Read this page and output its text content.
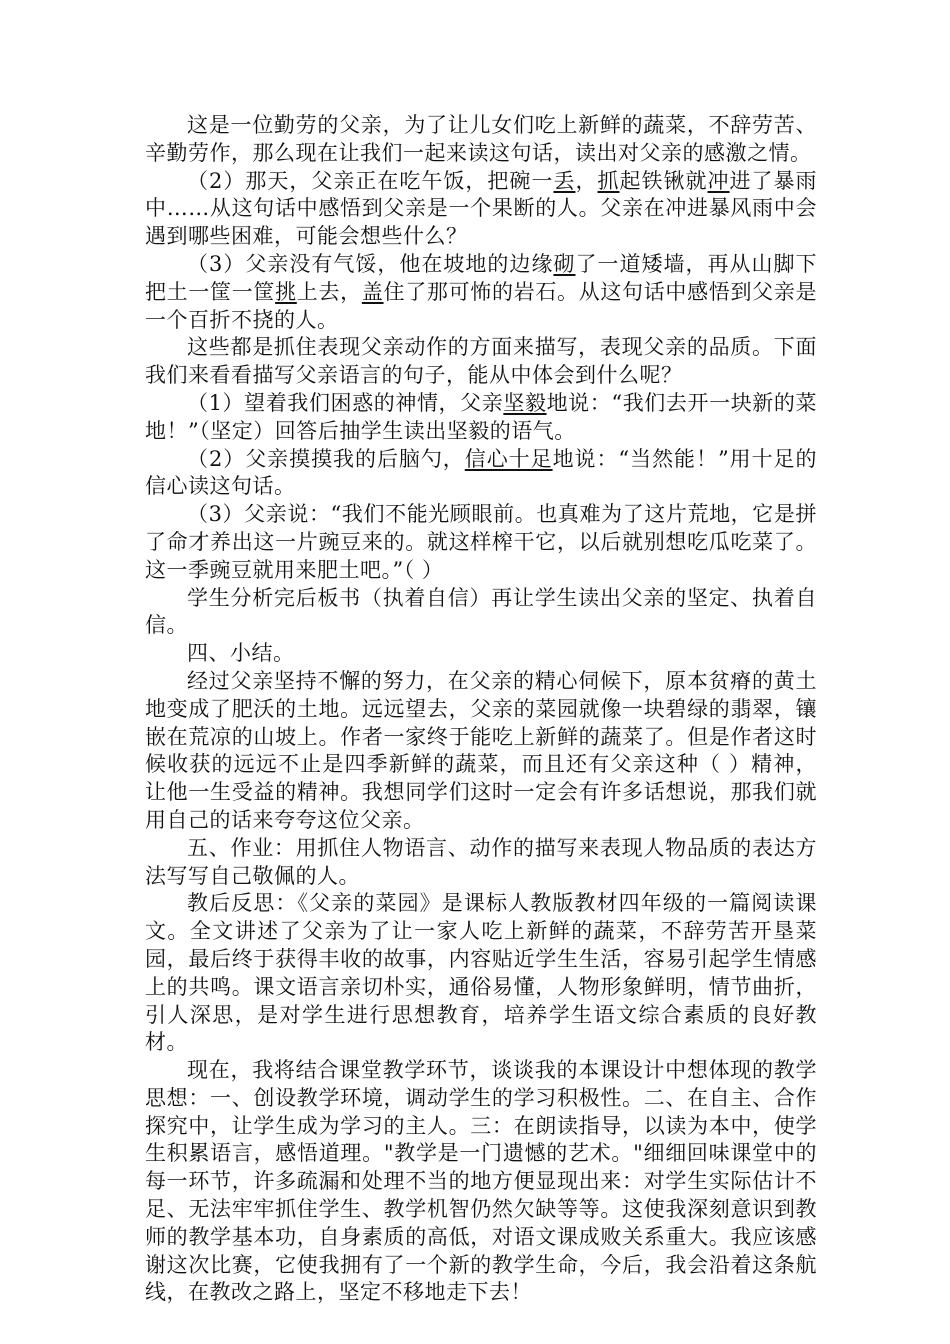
这是一位勤劳的父亲，为了让儿女们吃上新鲜的蔬菜，不辞劳苦、辛勤劳作，那么现在让我们一起来读这句话，读出对父亲的感激之情。

（2）那天，父亲正在吃午饭，把碗一丢，抓起铁锹就冲进了暴雨中……从这句话中感悟到父亲是一个果断的人。父亲在冲进暴风雨中会遇到哪些困难，可能会想些什么？

（3）父亲没有气馁，他在坡地的边缘砌了一道矮墙，再从山脚下把土一筐一筐挑上去，盖住了那可怖的岩石。从这句话中感悟到父亲是一个百折不挠的人。

这些都是抓住表现父亲动作的方面来描写，表现父亲的品质。下面我们来看看描写父亲语言的句子，能从中体会到什么呢？

（1）望着我们困惑的神情，父亲坚毅地说：“我们去开一块新的菜地！”（坚定）回答后抽学生读出坚毅的语气。

（2）父亲摸摸我的后脑勺，信心十足地说：“当然能！”用十足的信心读这句话。

（3）父亲说：“我们不能光顾眼前。也真难为了这片荒地，它是拼了命才养出这一片豌豆来的。就这样榨干它，以后就别想吃瓜吃菜了。这一季豌豆就用来肥土吧。”（ ）

学生分析完后板书（执着自信）再让学生读出父亲的坚定、执着自信。

四、小结。

经过父亲坚持不懈的努力，在父亲的精心伺候下，原本贫瘠的黄土地变成了肥沃的土地。远远望去，父亲的菜园就像一块碧绿的翡翠，镶嵌在荒凉的山坡上。作者一家终于能吃上新鲜的蔬菜了。但是作者这时候收获的远远不止是四季新鲜的蔬菜，而且还有父亲这种（ ）精神，让他一生受益的精神。我想同学们这时一定会有许多话想说，那我们就用自己的话来夸夸这位父亲。

五、作业：用抓住人物语言、动作的描写来表现人物品质的表达方法写写自己敬佩的人。

教后反思：《父亲的菜园》是课标人教版教材四年级的一篇阅读课文。全文讲述了父亲为了让一家人吃上新鲜的蔬菜，不辞劳苦开垦菜园，最后终于获得丰收的故事，内容贴近学生生活，容易引起学生情感上的共鸣。课文语言亲切朴实，通俗易懂，人物形象鲜明，情节曲折，引人深思，是对学生进行思想教育，培养学生语文综合素质的良好教材。

现在，我将结合课堂教学环节，谈谈我的本课设计中想体现的教学思想：一、创设教学环境，调动学生的学习积极性。二、在自主、合作探究中，让学生成为学习的主人。三：在朗读指导，以读为本中，使学生积累语言，感悟道理。"教学是一门遗憾的艺术。"细细回味课堂中的每一环节，许多疏漏和处理不当的地方便显现出来：对学生实际估计不足、无法牢牢抓住学生、教学机智仍然欠缺等等。这使我深刻意识到教师的教学基本功，自身素质的高低，对语文课成败关系重大。我应该感谢这次比赛，它使我拥有了一个新的教学生命，今后，我会沿着这条航线，在教改之路上，坚定不移地走下去！
